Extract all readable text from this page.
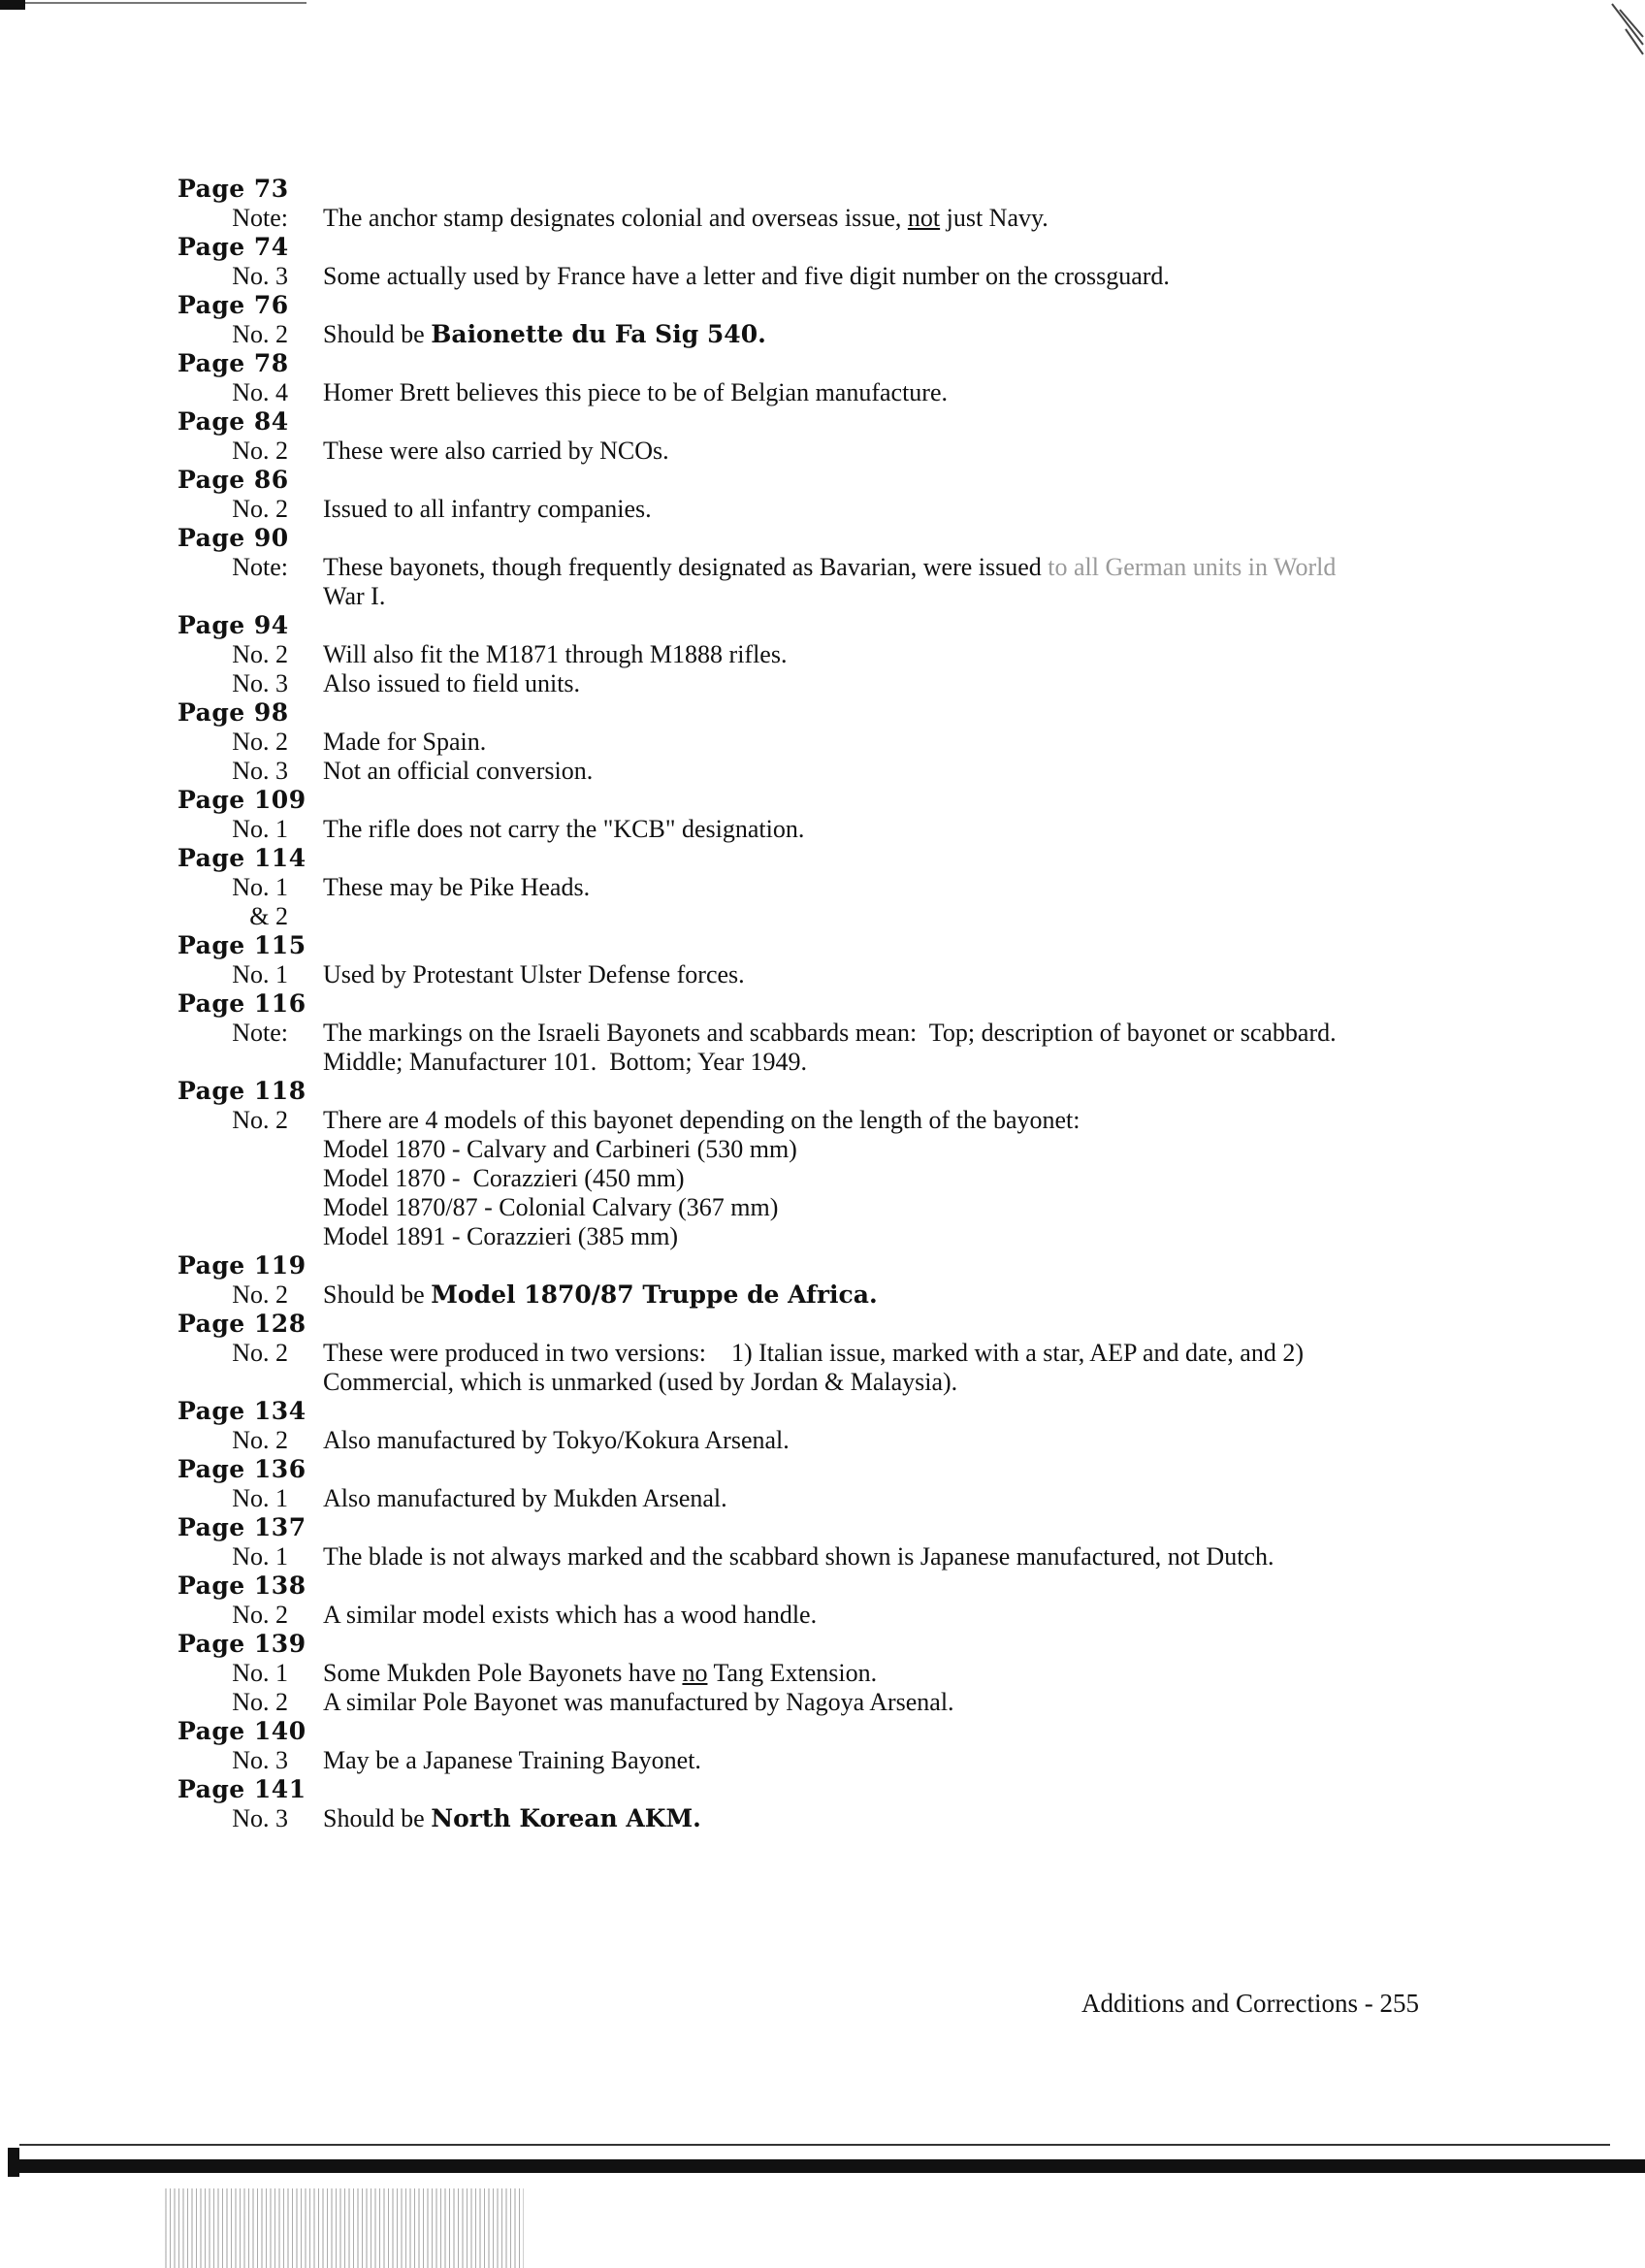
Page 73
Note: The anchor stamp designates colonial and overseas issue, not just Navy.
Page 74
No. 3 Some actually used by France have a letter and five digit number on the crossguard.
Page 76
No. 2 Should be Baionette du Fa Sig 540.
Page 78
No. 4 Homer Brett believes this piece to be of Belgian manufacture.
Page 84
No. 2 These were also carried by NCOs.
Page 86
No. 2 Issued to all infantry companies.
Page 90
Note: These bayonets, though frequently designated as Bavarian, were issued to all German units in World
War I.
Page 94
No. 2 Will also fit the M1871 through M1888 rifles.
No. 3 Also issued to field units.
Page 98
No. 2 Made for Spain.
No. 3 Not an official conversion.
Page 109
No. 1 The rifle does not carry the "KCB" designation.
Page 114
No. 1 These may be Pike Heads.
& 2
Page 115
No. 1 Used by Protestant Ulster Defense forces.
Page 116
Note: The markings on the Israeli Bayonets and scabbards mean:  Top; description of bayonet or scabbard.
Middle; Manufacturer 101.  Bottom; Year 1949.
Page 118
No. 2 There are 4 models of this bayonet depending on the length of the bayonet:
Model 1870 - Calvary and Carbineri (530 mm)
Model 1870 -  Corazzieri (450 mm)
Model 1870/87 - Colonial Calvary (367 mm)
Model 1891 - Corazzieri (385 mm)
Page 119
No. 2 Should be Model 1870/87 Truppe de Africa.
Page 128
No. 2 These were produced in two versions:    1) Italian issue, marked with a star, AEP and date, and 2)
Commercial, which is unmarked (used by Jordan & Malaysia).
Page 134
No. 2 Also manufactured by Tokyo/Kokura Arsenal.
Page 136
No. 1 Also manufactured by Mukden Arsenal.
Page 137
No. 1 The blade is not always marked and the scabbard shown is Japanese manufactured, not Dutch.
Page 138
No. 2 A similar model exists which has a wood handle.
Page 139
No. 1 Some Mukden Pole Bayonets have no Tang Extension.
No. 2 A similar Pole Bayonet was manufactured by Nagoya Arsenal.
Page 140
No. 3 May be a Japanese Training Bayonet.
Page 141
No. 3 Should be North Korean AKM.
Additions and Corrections - 255
